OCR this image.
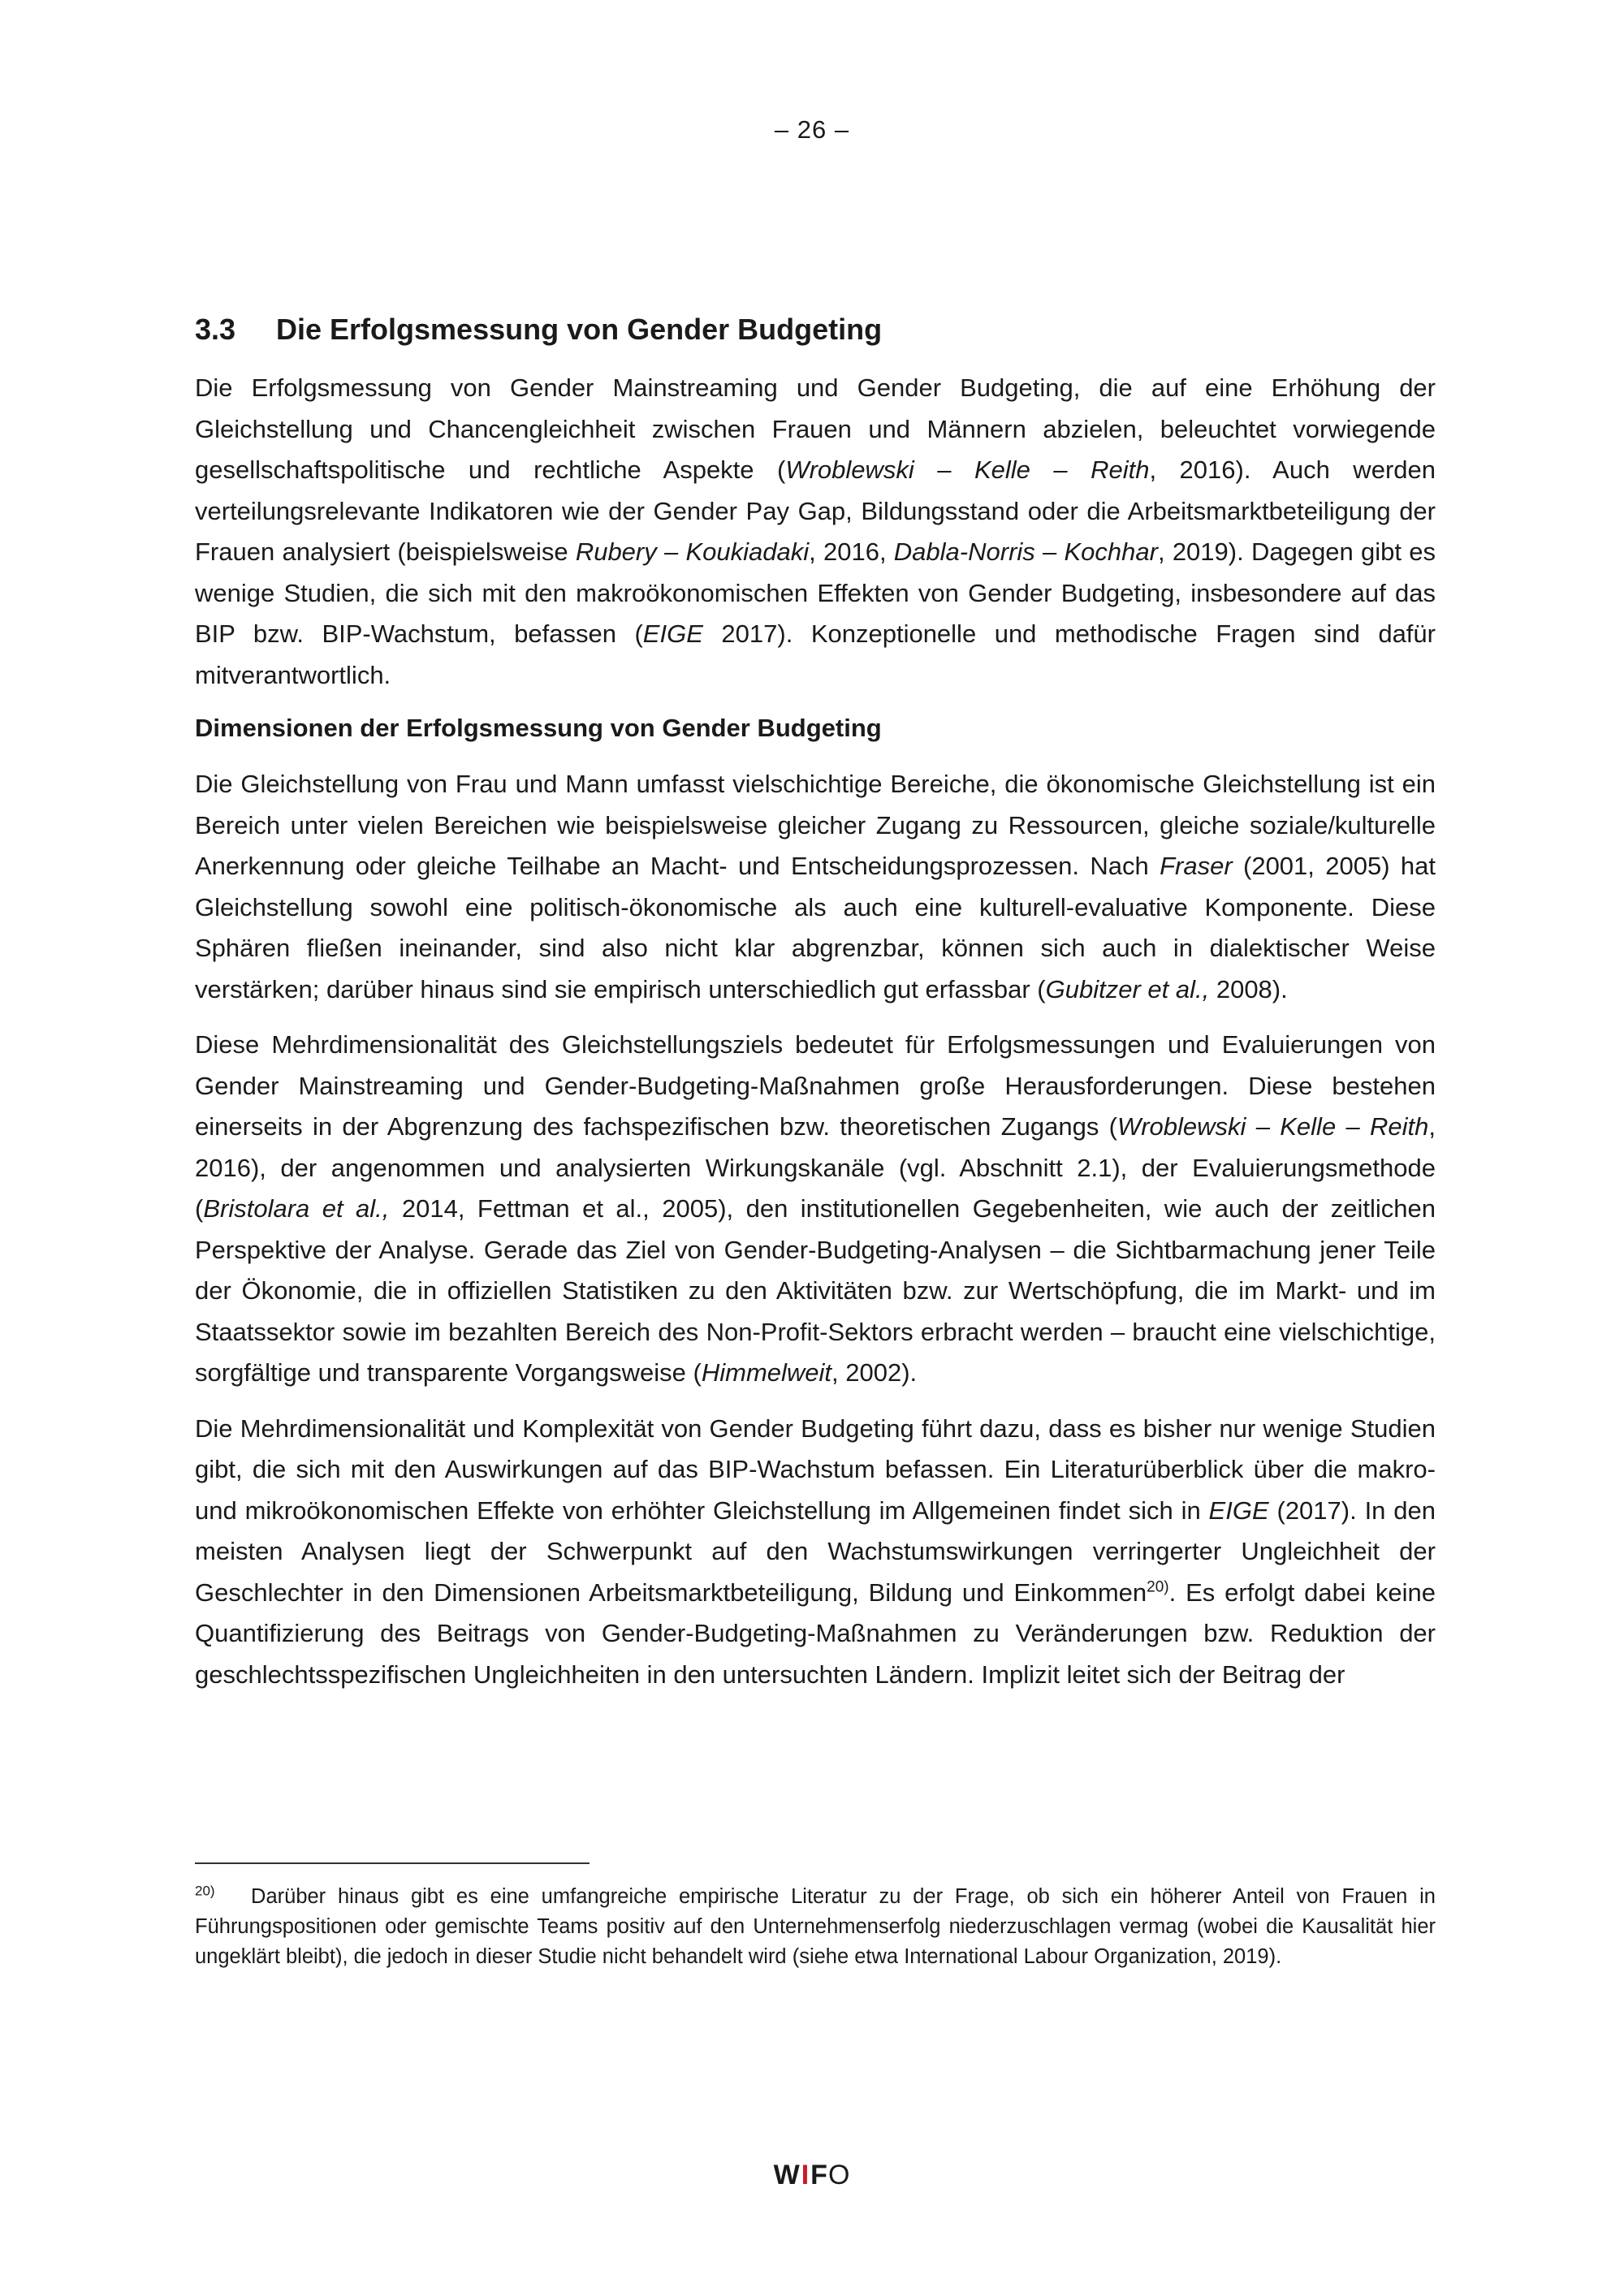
– 26 –
3.3 Die Erfolgsmessung von Gender Budgeting

Die Erfolgsmessung von Gender Mainstreaming und Gender Budgeting, die auf eine Erhöhung der Gleichstellung und Chancengleichheit zwischen Frauen und Männern abzielen, beleuchtet vorwiegende gesellschaftspolitische und rechtliche Aspekte (Wroblewski – Kelle – Reith, 2016). Auch werden verteilungsrelevante Indikatoren wie der Gender Pay Gap, Bildungsstand oder die Arbeitsmarktbeteiligung der Frauen analysiert (beispielsweise Rubery – Koukiadaki, 2016, Dabla-Norris – Kochhar, 2019). Dagegen gibt es wenige Studien, die sich mit den makroökonomischen Effekten von Gender Budgeting, insbesondere auf das BIP bzw. BIP-Wachstum, befassen (EIGE 2017). Konzeptionelle und methodische Fragen sind dafür mitverantwortlich.

Dimensionen der Erfolgsmessung von Gender Budgeting

Die Gleichstellung von Frau und Mann umfasst vielschichtige Bereiche, die ökonomische Gleichstellung ist ein Bereich unter vielen Bereichen wie beispielsweise gleicher Zugang zu Ressourcen, gleiche soziale/kulturelle Anerkennung oder gleiche Teilhabe an Macht- und Entscheidungsprozessen. Nach Fraser (2001, 2005) hat Gleichstellung sowohl eine politisch-ökonomische als auch eine kulturell-evaluative Komponente. Diese Sphären fließen ineinander, sind also nicht klar abgrenzbar, können sich auch in dialektischer Weise verstärken; darüber hinaus sind sie empirisch unterschiedlich gut erfassbar (Gubitzer et al., 2008).

Diese Mehrdimensionalität des Gleichstellungsziels bedeutet für Erfolgsmessungen und Evaluierungen von Gender Mainstreaming und Gender-Budgeting-Maßnahmen große Herausforderungen. Diese bestehen einerseits in der Abgrenzung des fachspezifischen bzw. theoretischen Zugangs (Wroblewski – Kelle – Reith, 2016), der angenommen und analysierten Wirkungskanäle (vgl. Abschnitt 2.1), der Evaluierungsmethode (Bristolara et al., 2014, Fettman et al., 2005), den institutionellen Gegebenheiten, wie auch der zeitlichen Perspektive der Analyse. Gerade das Ziel von Gender-Budgeting-Analysen – die Sichtbarmachung jener Teile der Ökonomie, die in offiziellen Statistiken zu den Aktivitäten bzw. zur Wertschöpfung, die im Markt- und im Staatssektor sowie im bezahlten Bereich des Non-Profit-Sektors erbracht werden – braucht eine vielschichtige, sorgfältige und transparente Vorgangsweise (Himmelweit, 2002).

Die Mehrdimensionalität und Komplexität von Gender Budgeting führt dazu, dass es bisher nur wenige Studien gibt, die sich mit den Auswirkungen auf das BIP-Wachstum befassen. Ein Literaturüberblick über die makro- und mikroökonomischen Effekte von erhöhter Gleichstellung im Allgemeinen findet sich in EIGE (2017). In den meisten Analysen liegt der Schwerpunkt auf den Wachstumswirkungen verringerter Ungleichheit der Geschlechter in den Dimensionen Arbeitsmarktbeteiligung, Bildung und Einkommen$^{20)}$. Es erfolgt dabei keine Quantifizierung des Beitrags von Gender-Budgeting-Maßnahmen zu Veränderungen bzw. Reduktion der geschlechtsspezifischen Ungleichheiten in den untersuchten Ländern. Implizit leitet sich der Beitrag der

$^{20)}$ Darüber hinaus gibt es eine umfangreiche empirische Literatur zu der Frage, ob sich ein höherer Anteil von Frauen in Führungspositionen oder gemischte Teams positiv auf den Unternehmenserfolg niederzuschlagen vermag (wobei die Kausalität hier ungeklärt bleibt), die jedoch in dieser Studie nicht behandelt wird (siehe etwa International Labour Organization, 2019).
WIFO
